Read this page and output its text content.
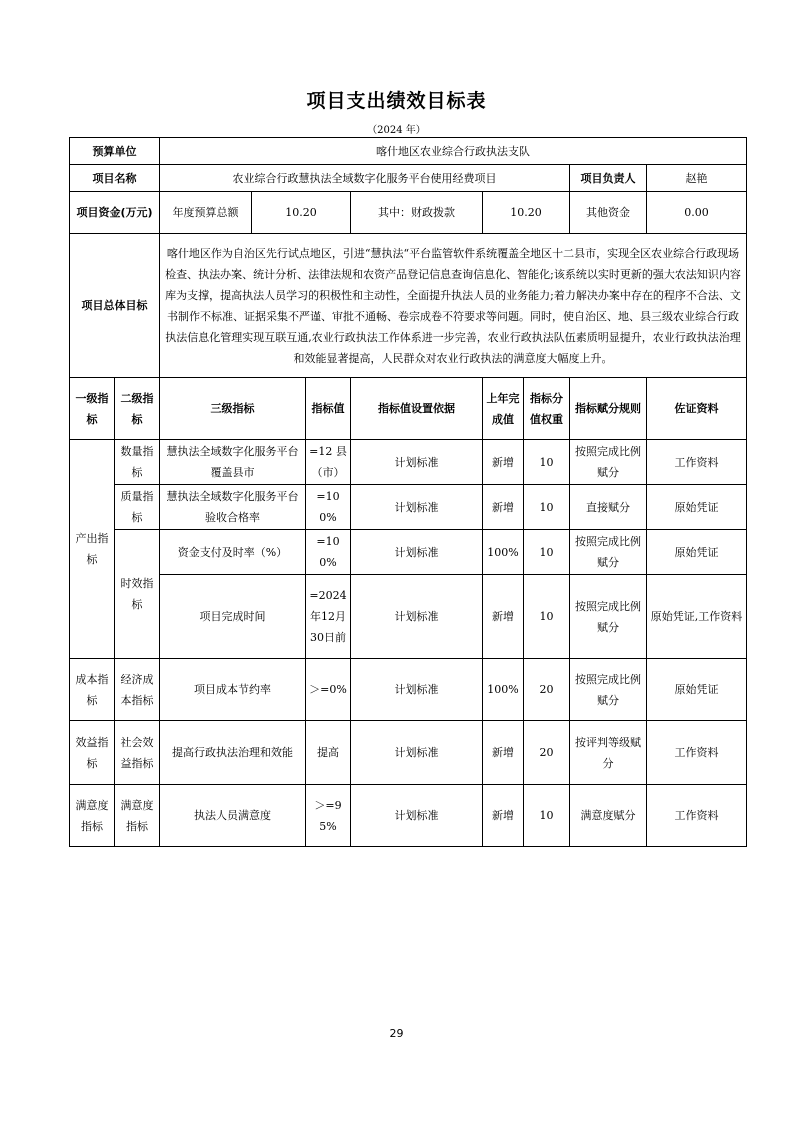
项目支出绩效目标表
（2024 年）
预算单位		喀什地区农业综合行政执法支队							
项目名称		农业综合行政慧执法全域数字化服务平台使用经费项目						项目负责人	赵艳
项目资金(万元)		年度预算总额	10.20		其中：财政拨款	10.20		其他资金	0.00
项目总体目标		喀什地区作为自治区先行试点地区，引进“慧执法“平台监管软件系统覆盖全地区十二县市，实现全区农业综合行政现场检查、执法办案、统计分析、法律法规和农资产品登记信息查询信息化、智能化;该系统以实时更新的强大农法知识内容库为支撑，提高执法人员学习的积极性和主动性，全面提升执法人员的业务能力;着力解决办案中存在的程序不合法、文书制作不标准、证据采集不严谨、审批不通畅、卷宗成卷不符要求等问题。同时，使自治区、地、县三级农业综合行政执法信息化管理实现互联互通,农业行政执法工作体系进一步完善，农业行政执法队伍素质明显提升，农业行政执法治理和效能显著提高，人民群众对农业行政执法的满意度大幅度上升。							
一级指标	二级指标	三级指标		指标值	指标值设置依据	上年完成值	指标分值权重	指标赋分规则	佐证资料
产出指标	数量指标	慧执法全域数字化服务平台覆盖县市		=12 县（市）	计划标准	新增	10	按照完成比例赋分	工作资料
	质量指标	慧执法全域数字化服务平台验收合格率		=100%	计划标准	新增	10	直接赋分	原始凭证
	时效指标	资金支付及时率（%）		=100%	计划标准	100%	10	按照完成比例赋分	原始凭证
		项目完成时间		=2024年12月30日前	计划标准	新增	10	按照完成比例赋分	原始凭证,工作资料
成本指标	经济成本指标	项目成本节约率		＞=0%	计划标准	100%	20	按照完成比例赋分	原始凭证
效益指标	社会效益指标	提高行政执法治理和效能		提高	计划标准	新增	20	按评判等级赋分	工作资料
满意度指标	满意度指标	执法人员满意度		＞=95%	计划标准	新增	10	满意度赋分	工作资料
29
